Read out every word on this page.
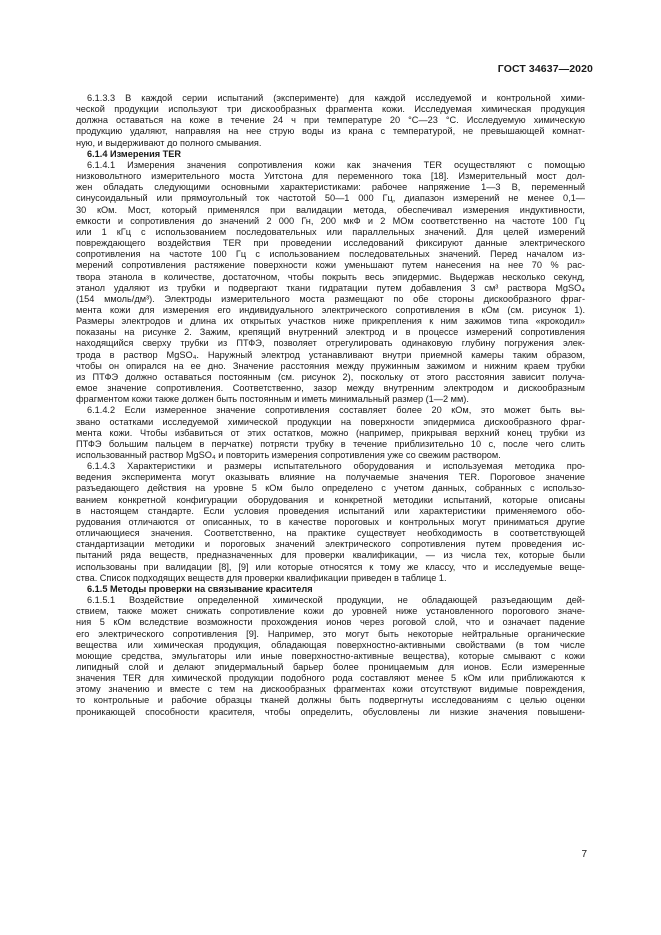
ГОСТ 34637—2020
6.1.3.3 В каждой серии испытаний (эксперименте) для каждой исследуемой и контрольной хими-
ческой продукции используют три дискообразных фрагмента кожи. Исследуемая химическая продукция
должна оставаться на коже в течение 24 ч при температуре 20 °С—23 °С. Исследуемую химическую
продукцию удаляют, направляя на нее струю воды из крана с температурой, не превышающей комнат-
ную, и выдерживают до полного смывания.
6.1.4 Измерения TER
6.1.4.1 Измерения значения сопротивления кожи как значения TER осуществляют с помощью
низковольтного измерительного моста Уитстона для переменного тока [18]. Измерительный мост дол-
жен обладать следующими основными характеристиками: рабочее напряжение 1—3 В, переменный
синусоидальный или прямоугольный ток частотой 50—1 000 Гц, диапазон измерений не менее 0,1—
30 кОм. Мост, который применялся при валидации метода, обеспечивал измерения индуктивности,
емкости и сопротивления до значений 2 000 Гн, 200 мкФ и 2 МОм соответственно на частоте 100 Гц
или 1 кГц с использованием последовательных или параллельных значений. Для целей измерений
повреждающего воздействия TER при проведении исследований фиксируют данные электрического
сопротивления на частоте 100 Гц с использованием последовательных значений. Перед началом из-
мерений сопротивления растяжение поверхности кожи уменьшают путем нанесения на нее 70 % рас-
твора этанола в количестве, достаточном, чтобы покрыть весь эпидермис. Выдержав несколько секунд,
этанол удаляют из трубки и подвергают ткани гидратации путем добавления 3 см³ раствора MgSO₄
(154 ммоль/дм³). Электроды измерительного моста размещают по обе стороны дискообразного фраг-
мента кожи для измерения его индивидуального электрического сопротивления в кОм (см. рисунок 1).
Размеры электродов и длина их открытых участков ниже прикрепления к ним зажимов типа «крокодил»
показаны на рисунке 2. Зажим, крепящий внутренний электрод и в процессе измерений сопротивления
находящийся сверху трубки из ПТФЭ, позволяет отрегулировать одинаковую глубину погружения элек-
трода в раствор MgSO₄. Наружный электрод устанавливают внутри приемной камеры таким образом,
чтобы он опирался на ее дно. Значение расстояния между пружинным зажимом и нижним краем трубки
из ПТФЭ должно оставаться постоянным (см. рисунок 2), поскольку от этого расстояния зависит получа-
емое значение сопротивления. Соответственно, зазор между внутренним электродом и дискообразным
фрагментом кожи также должен быть постоянным и иметь минимальный размер (1—2 мм).
6.1.4.2 Если измеренное значение сопротивления составляет более 20 кОм, это может быть вы-
звано остатками исследуемой химической продукции на поверхности эпидермиса дискообразного фраг-
мента кожи. Чтобы избавиться от этих остатков, можно (например, прикрывая верхний конец трубки из
ПТФЭ большим пальцем в перчатке) потрясти трубку в течение приблизительно 10 с, после чего слить
использованный раствор MgSO₄ и повторить измерения сопротивления уже со свежим раствором.
6.1.4.3 Характеристики и размеры испытательного оборудования и используемая методика про-
ведения эксперимента могут оказывать влияние на получаемые значения TER. Пороговое значение
разъедающего действия на уровне 5 кОм было определено с учетом данных, собранных с использо-
ванием конкретной конфигурации оборудования и конкретной методики испытаний, которые описаны
в настоящем стандарте. Если условия проведения испытаний или характеристики применяемого обо-
рудования отличаются от описанных, то в качестве пороговых и контрольных могут приниматься другие
отличающиеся значения. Соответственно, на практике существует необходимость в соответствующей
стандартизации методики и пороговых значений электрического сопротивления путем проведения ис-
пытаний ряда веществ, предназначенных для проверки квалификации, — из числа тех, которые были
использованы при валидации [8], [9] или которые относятся к тому же классу, что и исследуемые веще-
ства. Список подходящих веществ для проверки квалификации приведен в таблице 1.
6.1.5 Методы проверки на связывание красителя
6.1.5.1 Воздействие определенной химической продукции, не обладающей разъедающим дей-
ствием, также может снижать сопротивление кожи до уровней ниже установленного порогового значе-
ния 5 кОм вследствие возможности прохождения ионов через роговой слой, что и означает падение
его электрического сопротивления [9]. Например, это могут быть некоторые нейтральные органические
вещества или химическая продукция, обладающая поверхностно-активными свойствами (в том числе
моющие средства, эмульгаторы или иные поверхностно-активные вещества), которые смывают с кожи
липидный слой и делают эпидермальный барьер более проницаемым для ионов. Если измеренные
значения TER для химической продукции подобного рода составляют менее 5 кОм или приближаются к
этому значению и вместе с тем на дискообразных фрагментах кожи отсутствуют видимые повреждения,
то контрольные и рабочие образцы тканей должны быть подвергнуты исследованиям с целью оценки
проникающей способности красителя, чтобы определить, обусловлены ли низкие значения повышени-
7
